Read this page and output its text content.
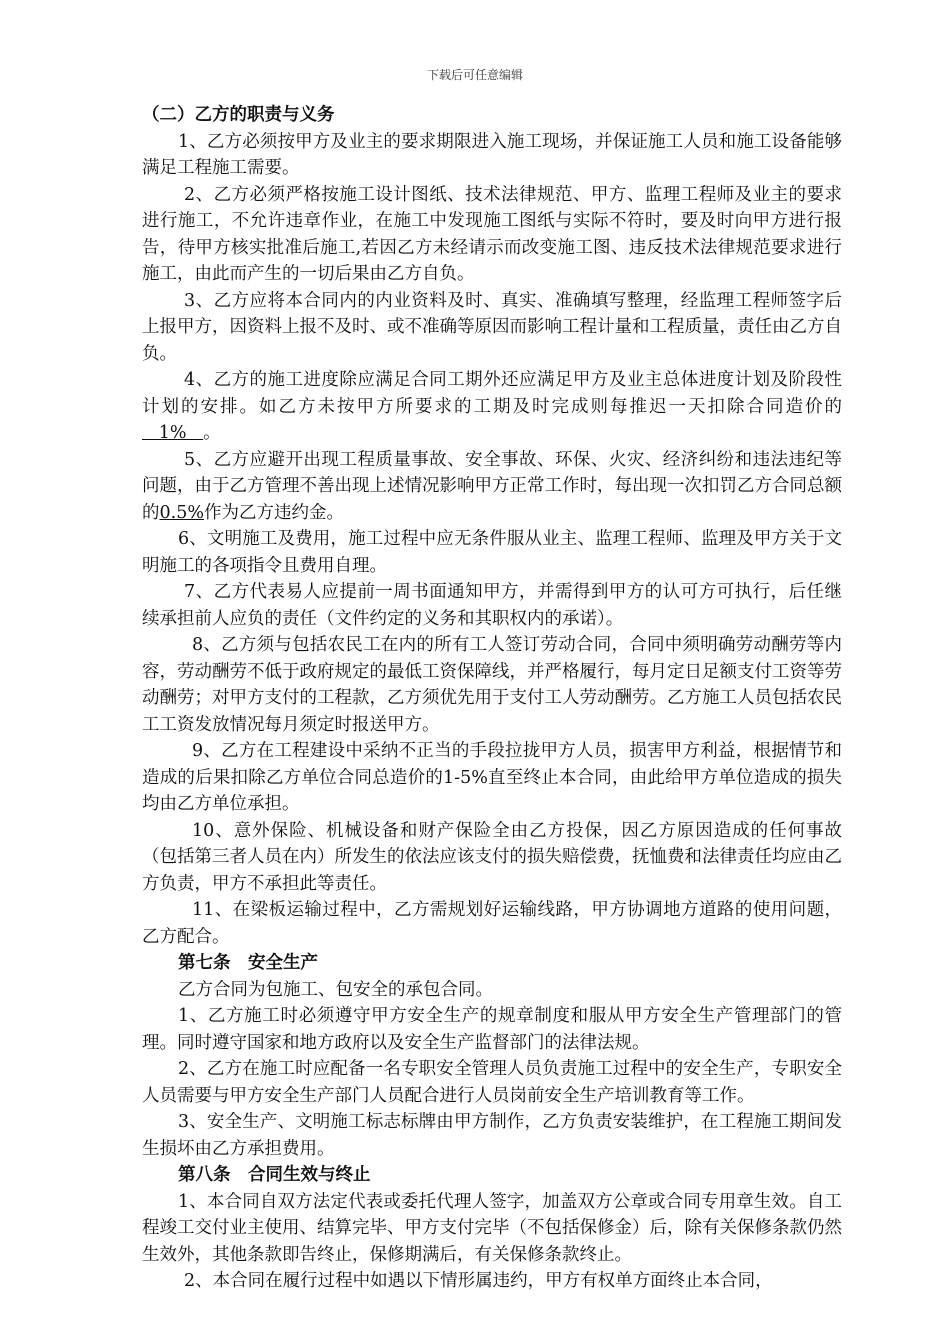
下载后可任意编辑

（二）乙方的职责与义务

1、乙方必须按甲方及业主的要求期限进入施工现场，并保证施工人员和施工设备能够满足工程施工需要。

2、乙方必须严格按施工设计图纸、技术法律规范、甲方、监理工程师及业主的要求进行施工，不允许违章作业，在施工中发现施工图纸与实际不符时，要及时向甲方进行报告，待甲方核实批准后施工,若因乙方未经请示而改变施工图、违反技术法律规范要求进行施工，由此而产生的一切后果由乙方自负。

3、乙方应将本合同内的内业资料及时、真实、准确填写整理，经监理工程师签字后上报甲方，因资料上报不及时、或不准确等原因而影响工程计量和工程质量，责任由乙方自负。

4、乙方的施工进度除应满足合同工期外还应满足甲方及业主总体进度计划及阶段性计划的安排。如乙方未按甲方所要求的工期及时完成则每推迟一天扣除合同造价的   1%   。

5、乙方应避开出现工程质量事故、安全事故、环保、火灾、经济纠纷和违法违纪等问题，由于乙方管理不善出现上述情况影响甲方正常工作时，每出现一次扣罚乙方合同总额的0.5%作为乙方违约金。

6、文明施工及费用，施工过程中应无条件服从业主、监理工程师、监理及甲方关于文明施工的各项指令且费用自理。

7、乙方代表易人应提前一周书面通知甲方，并需得到甲方的认可方可执行，后任继续承担前人应负的责任（文件约定的义务和其职权内的承诺）。

8、乙方须与包括农民工在内的所有工人签订劳动合同，合同中须明确劳动酬劳等内容，劳动酬劳不低于政府规定的最低工资保障线，并严格履行，每月定日足额支付工资等劳动酬劳；对甲方支付的工程款，乙方须优先用于支付工人劳动酬劳。乙方施工人员包括农民工工资发放情况每月须定时报送甲方。

9、乙方在工程建设中采纳不正当的手段拉拢甲方人员，损害甲方利益，根据情节和造成的后果扣除乙方单位合同总造价的1-5%直至终止本合同，由此给甲方单位造成的损失均由乙方单位承担。

10、意外保险、机械设备和财产保险全由乙方投保，因乙方原因造成的任何事故（包括第三者人员在内）所发生的依法应该支付的损失赔偿费，抚恤费和法律责任均应由乙方负责，甲方不承担此等责任。

11、在梁板运输过程中，乙方需规划好运输线路，甲方协调地方道路的使用问题，乙方配合。

第七条　安全生产

乙方合同为包施工、包安全的承包合同。

1、乙方施工时必须遵守甲方安全生产的规章制度和服从甲方安全生产管理部门的管理。同时遵守国家和地方政府以及安全生产监督部门的法律法规。

2、乙方在施工时应配备一名专职安全管理人员负责施工过程中的安全生产，专职安全人员需要与甲方安全生产部门人员配合进行人员岗前安全生产培训教育等工作。

3、安全生产、文明施工标志标牌由甲方制作，乙方负责安装维护，在工程施工期间发生损坏由乙方承担费用。

第八条　合同生效与终止

1、本合同自双方法定代表或委托代理人签字，加盖双方公章或合同专用章生效。自工程竣工交付业主使用、结算完毕、甲方支付完毕（不包括保修金）后，除有关保修条款仍然生效外，其他条款即告终止，保修期满后，有关保修条款终止。

2、本合同在履行过程中如遇以下情形属违约，甲方有权单方面终止本合同，
